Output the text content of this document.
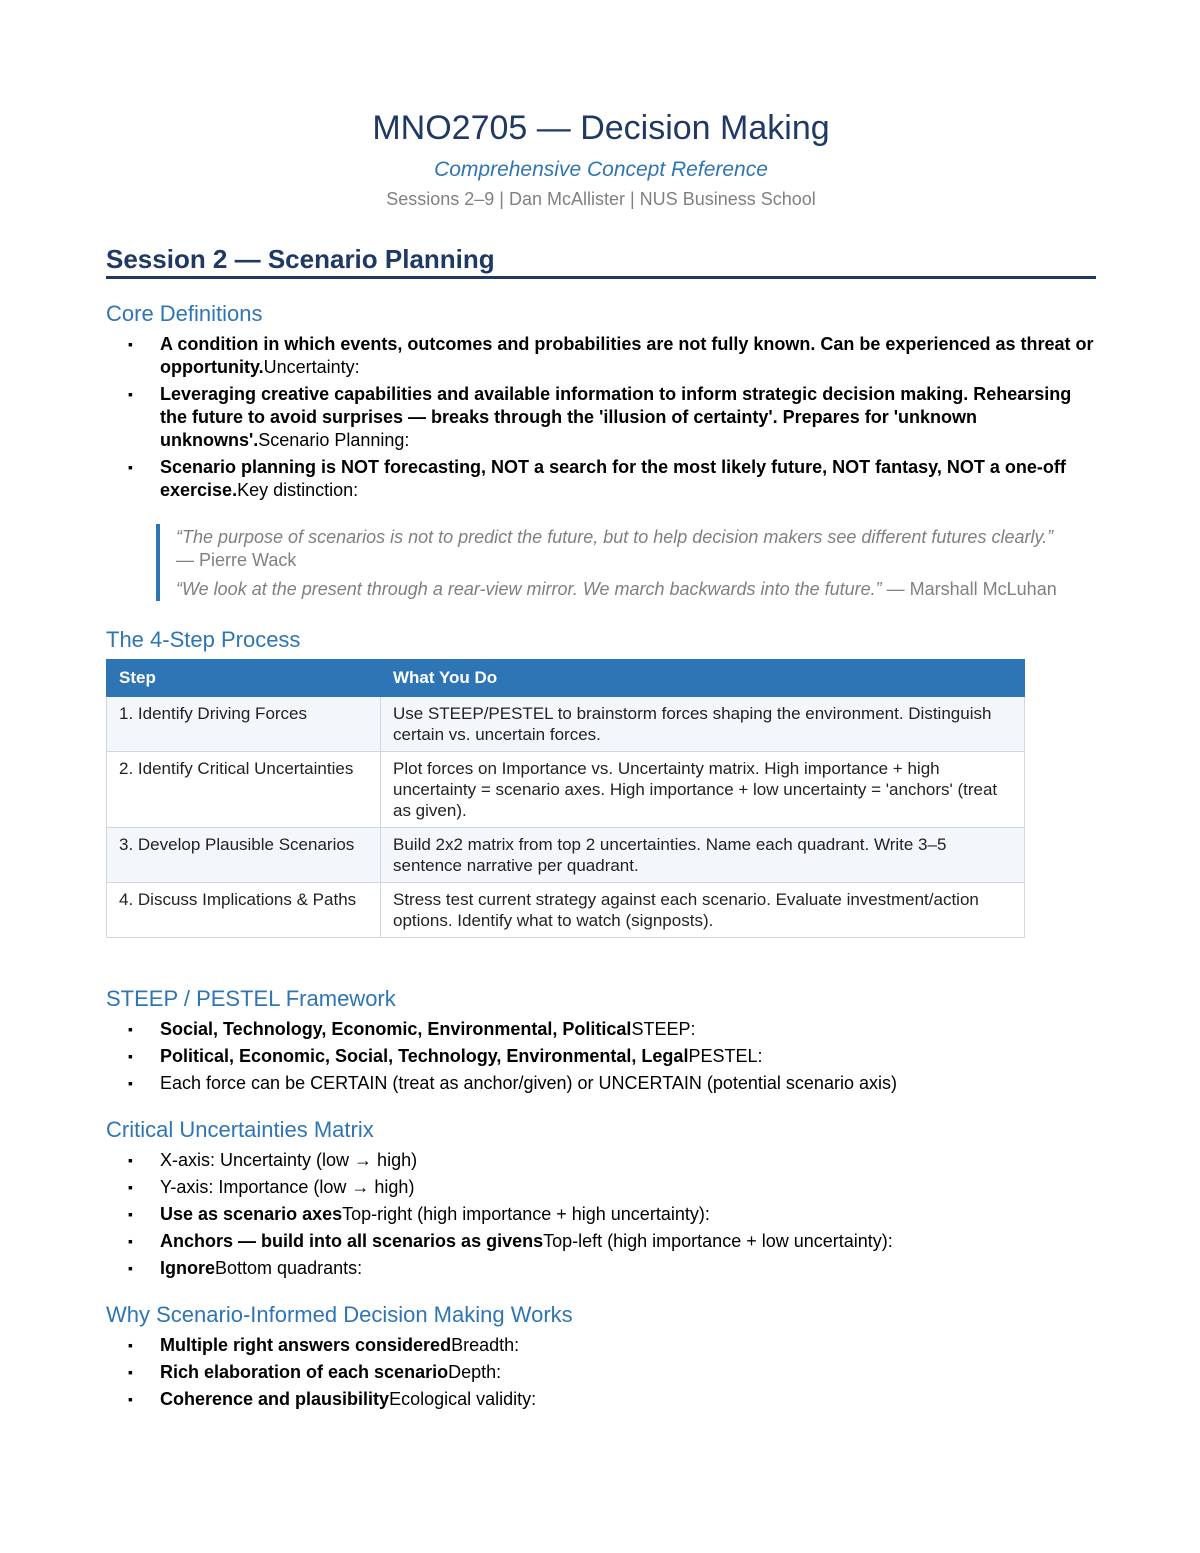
MNO2705 — Decision Making
Comprehensive Concept Reference
Sessions 2–9 | Dan McAllister | NUS Business School
Session 2 — Scenario Planning
Core Definitions
▪ A condition in which events, outcomes and probabilities are not fully known. Can be experienced as threat or opportunity.Uncertainty:
▪ Leveraging creative capabilities and available information to inform strategic decision making. Rehearsing the future to avoid surprises — breaks through the 'illusion of certainty'. Prepares for 'unknown unknowns'.Scenario Planning:
▪ Scenario planning is NOT forecasting, NOT a search for the most likely future, NOT fantasy, NOT a one-off exercise.Key distinction:

“The purpose of scenarios is not to predict the future, but to help decision makers see different futures clearly.” — Pierre Wack

“We look at the present through a rear-view mirror. We march backwards into the future.” — Marshall McLuhan

The 4-Step Process
Step	What You Do
1. Identify Driving Forces	Use STEEP/PESTEL to brainstorm forces shaping the environment. Distinguish certain vs. uncertain forces.
2. Identify Critical Uncertainties	Plot forces on Importance vs. Uncertainty matrix. High importance + high uncertainty = scenario axes. High importance + low uncertainty = 'anchors' (treat as given).
3. Develop Plausible Scenarios	Build 2x2 matrix from top 2 uncertainties. Name each quadrant. Write 3–5 sentence narrative per quadrant.
4. Discuss Implications & Paths	Stress test current strategy against each scenario. Evaluate investment/action options. Identify what to watch (signposts).
STEEP / PESTEL Framework
▪ Social, Technology, Economic, Environmental, PoliticalSTEEP:
▪ Political, Economic, Social, Technology, Environmental, LegalPESTEL:
▪ Each force can be CERTAIN (treat as anchor/given) or UNCERTAIN (potential scenario axis)
Critical Uncertainties Matrix
▪ X-axis: Uncertainty (low → high)
▪ Y-axis: Importance (low → high)
▪ Use as scenario axesTop-right (high importance + high uncertainty):
▪ Anchors — build into all scenarios as givensTop-left (high importance + low uncertainty):
▪ IgnoreBottom quadrants:
Why Scenario-Informed Decision Making Works
▪ Multiple right answers consideredBreadth:
▪ Rich elaboration of each scenarioDepth:
▪ Coherence and plausibilityEcological validity:
